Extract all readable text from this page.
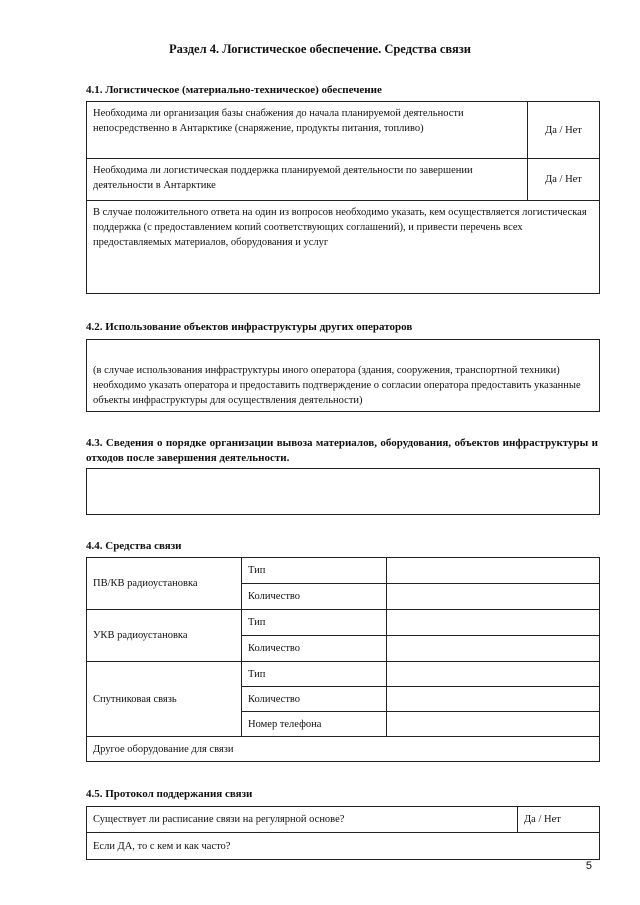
Раздел 4. Логистическое обеспечение. Средства связи
4.1. Логистическое (материально-техническое) обеспечение
Необходима ли организация базы снабжения до начала планируемой деятельности непосредственно в Антарктике (снаряжение, продукты питания, топливо)	Да / Нет
Необходима ли логистическая поддержка планируемой деятельности по завершении деятельности в Антарктике	Да / Нет
В случае положительного ответа на один из вопросов необходимо указать, кем осуществляется логистическая поддержка (с предоставлением копий соответствующих соглашений), и привести перечень всех предоставляемых материалов, оборудования и услуг	
4.2. Использование объектов инфраструктуры других операторов
(в случае использования инфраструктуры иного оператора (здания, сооружения, транспортной техники) необходимо указать оператора и предоставить подтверждение о согласии оператора предоставить указанные объекты инфраструктуры для осуществления деятельности)
4.3. Сведения о порядке организации вывоза материалов, оборудования, объектов инфраструктуры и отходов после завершения деятельности.
4.4. Средства связи
ПВ/КВ радиоустановка	Тип	
	Количество	
УКВ радиоустановка	Тип	
	Количество	
Спутниковая связь	Тип	
	Количество	
	Номер телефона	
Другое оборудование для связи		
4.5. Протокол поддержания связи
Существует ли расписание связи на регулярной основе?	Да / Нет
Если ДА, то с кем и как часто?
5
